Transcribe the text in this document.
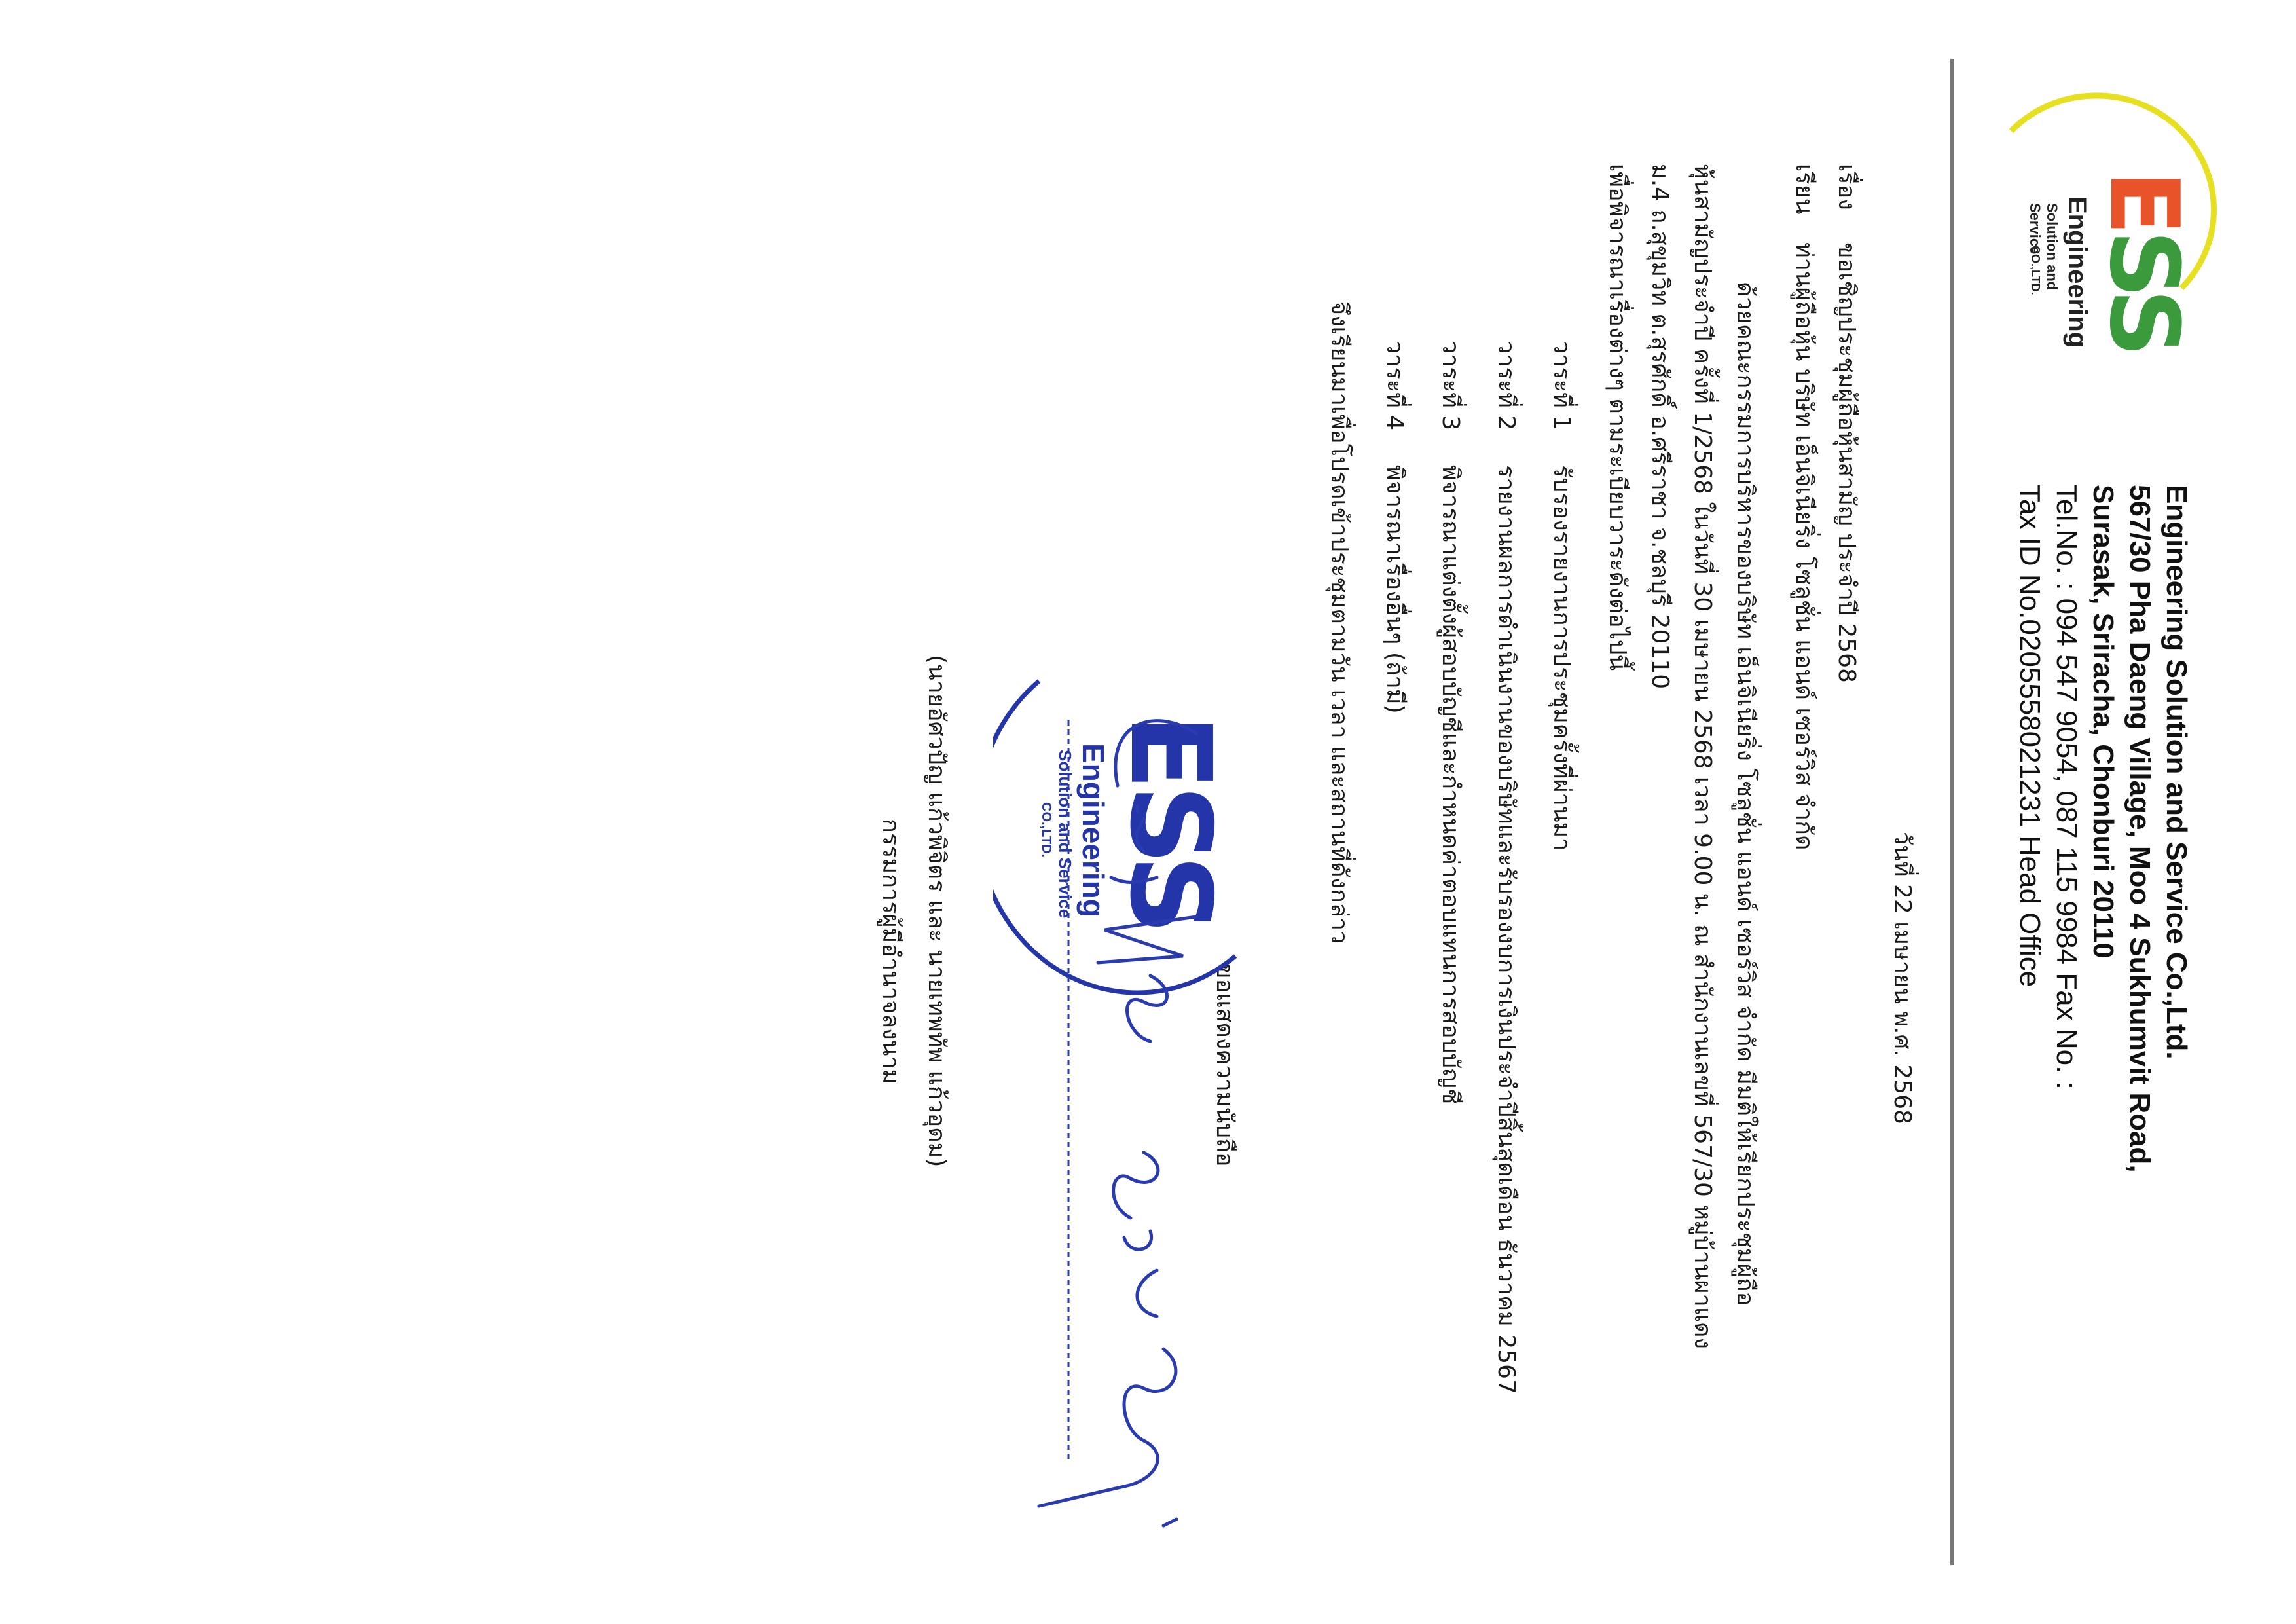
ESS
Engineering
Solution and Service
CO.,LTD.
Engineering Solution and Service Co.,Ltd.
567/30 Pha Daeng Village, Moo 4 Sukhumvit Road,
Surasak, Sriracha, Chonburi 20110
Tel.No. : 094 547 9054, 087 115 9984 Fax No. :
Tax ID No.0205558021231 Head Office
วันที่ 22 เมษายน พ.ศ. 2568
เรื่อง
ขอเชิญประชุมผู้ถือหุ้นสามัญ ประจำปี 2568
เรียน
ท่านผู้ถือหุ้น บริษัท เอ็นจิเนียริ่ง โซลูชั่น แอนด์ เซอร์วิส จำกัด
ด้วยคณะกรรมการบริหารของบริษัท เอ็นจิเนียริ่ง โซลูชั่น แอนด์ เซอร์วิส จำกัด มีมติให้เรียกประชุมผู้ถือ
หุ้นสามัญประจำปี ครั้งที่ 1/2568 ในวันที่ 30 เมษายน 2568 เวลา 9.00 น. ณ สำนักงานเลขที่ 567/30 หมู่บ้านผาแดง
ม.4 ถ.สุขุมวิท ต.สุรศักดิ์ อ.ศรีราชา จ.ชลบุรี 20110
เพื่อพิจารณาเรื่องต่างๆ ตามระเบียบวาระดังต่อไปนี้
วาระที่ 1
รับรองรายงานการประชุมครั้งที่ผ่านมา
วาระที่ 2
รายงานผลการดำเนินงานของบริษัทและรับรองงบการเงินประจำปีสิ้นสุดเดือน ธันวาคม 2567
วาระที่ 3
พิจารณาแต่งตั้งผู้สอบบัญชีและกำหนดค่าตอบแทนการสอบบัญชี
วาระที่ 4
พิจารณาเรื่องอื่นๆ (ถ้ามี)
จึงเรียนมาเพื่อโปรดเข้าประชุมตามวัน เวลา และสถานที่ดังกล่าว
ขอแสดงความนับถือ
ESS
Engineering
Solution and Service
CO.,LTD.
(นายอัศวปัญ แก้วพิจิตร และ นายเทพทัพ แก้วอุดม)
กรรมการผู้มีอำนาจลงนาม
